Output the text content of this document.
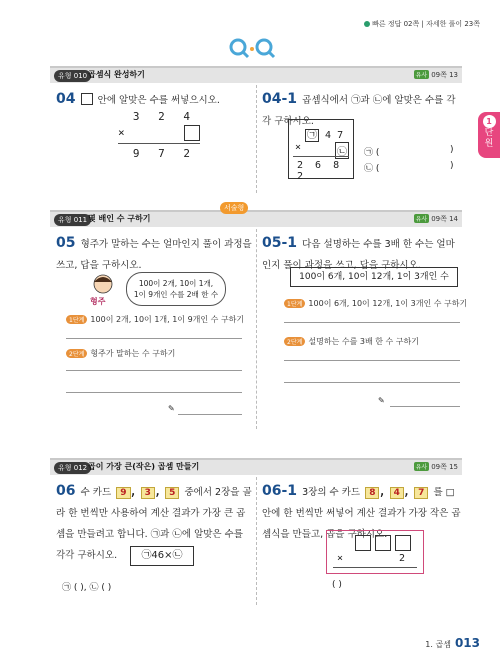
빠른 정답 02쪽 | 자세한 풀이 23쪽
1
단
원
유형 010 곱셈식 완성하기	유사 09쪽 13
04 안에 알맞은 수를 써넣으시오.
3 2 4
×
9 7 2
04-1 곱셈식에서 ㉠과 ㉡에 알맞은 수를 각각 구하시오.
㉠ 4 7
×	㉡
2 6 8 2
㉠ (	)
㉡ (	)
유형 011 몇 배인 수 구하기	유사 09쪽 14
서술형
05 형주가 말하는 수는 얼마인지 풀이 과정을 쓰고, 답을 구하시오.
100이 2개, 10이 1개,
1이 9개인 수를 2배 한 수
형주
1단계 100이 2개, 10이 1개, 1이 9개인 수 구하기
2단계 형주가 말하는 수 구하기
✎
05-1 다음 설명하는 수를 3배 한 수는 얼마인지 풀이 과정을 쓰고, 답을 구하시오.
100이 6개, 10이 12개, 1이 3개인 수
1단계 100이 6개, 10이 12개, 1이 3개인 수 구하기
2단계 설명하는 수를 3배 한 수 구하기
✎
유형 012 곱이 가장 큰(작은) 곱셈 만들기	유사 09쪽 15
06 수 카드 9 , 3 , 5 중에서 2장을 골라 한 번씩만 사용하여 계산 결과가 가장 큰 곱셈을 만들려고 합니다. ㉠과 ㉡에 알맞은 수를 각각 구하시오.	㉠46×㉡
㉠ ( ), ㉡ ( )
06-1 3장의 수 카드 8 , 4 , 7 를 □ 안에 한 번씩만 써넣어 계산 결과가 가장 작은 곱셈식을 만들고, 곱을 구하시오.
×	2
( )
1. 곱셈 013
